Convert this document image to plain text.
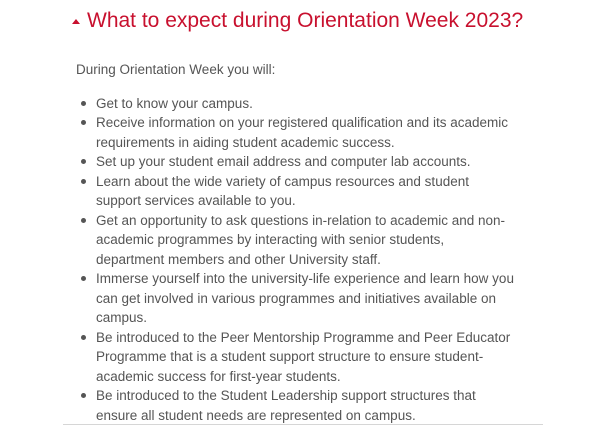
What to expect during Orientation Week 2023?

During Orientation Week you will:

Get to know your campus.
Receive information on your registered qualification and its academic requirements in aiding student academic success.
Set up your student email address and computer lab accounts.
Learn about the wide variety of campus resources and student support services available to you.
Get an opportunity to ask questions in-relation to academic and non-academic programmes by interacting with senior students, department members and other University staff.
Immerse yourself into the university-life experience and learn how you can get involved in various programmes and initiatives available on campus.
Be introduced to the Peer Mentorship Programme and Peer Educator Programme that is a student support structure to ensure student-academic success for first-year students.
Be introduced to the Student Leadership support structures that ensure all student needs are represented on campus.
